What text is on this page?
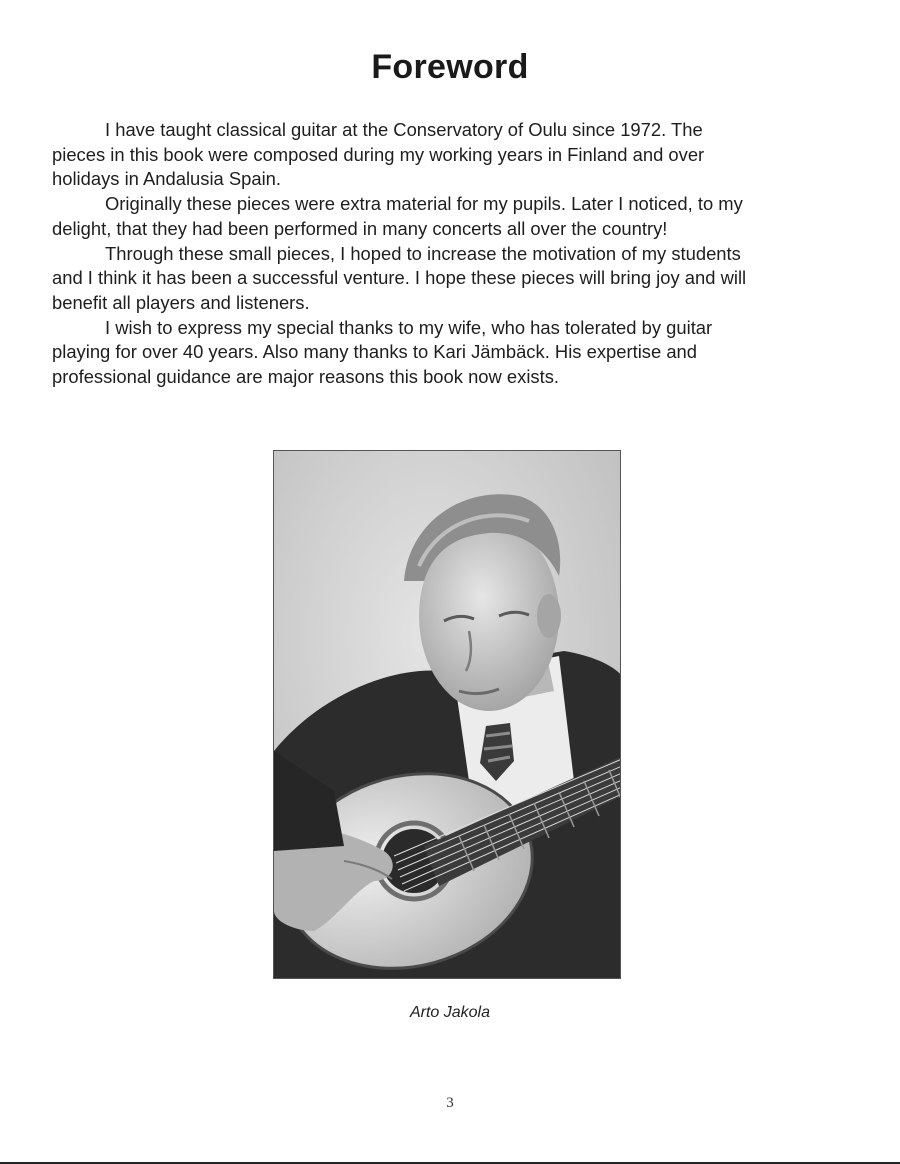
Foreword
I have taught classical guitar at the Conservatory of Oulu since 1972. The
pieces in this book were composed during my working years in Finland and over
holidays in Andalusia Spain.
Originally these pieces were extra material for my pupils. Later I noticed, to my
delight, that they had been performed in many concerts all over the country!
Through these small pieces, I hoped to increase the motivation of my students
and I think it has been a successful venture. I hope these pieces will bring joy and will
benefit all players and listeners.
I wish to express my special thanks to my wife, who has tolerated by guitar
playing for over 40 years. Also many thanks to Kari Jämbäck. His expertise and
professional guidance are major reasons this book now exists.
Arto Jakola
3
